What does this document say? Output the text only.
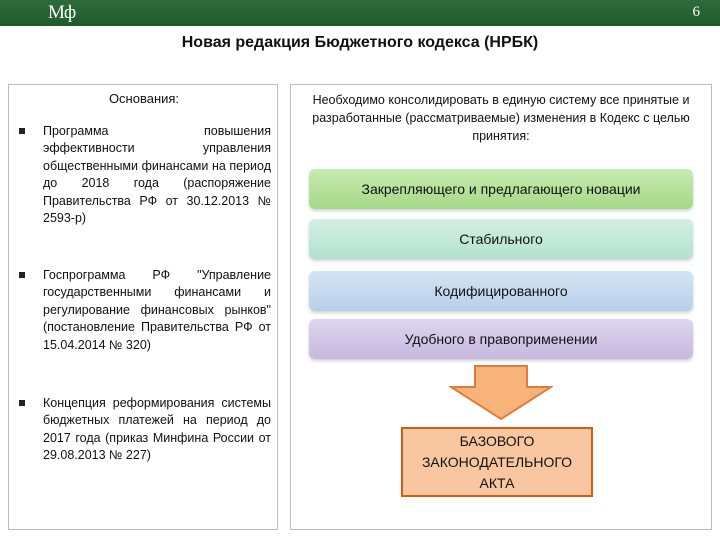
Мф	6
Новая редакция Бюджетного кодекса (НРБК)
Основания:
Программа повышения эффективности управления общественными финансами на период до 2018 года (распоряжение Правительства РФ от 30.12.2013 № 2593-р)
Госпрограмма РФ "Управление государственными финансами и регулирование финансовых рынков" (постановление Правительства РФ от 15.04.2014 № 320)
Концепция реформирования системы бюджетных платежей на период до 2017 года (приказ Минфина России от 29.08.2013 № 227)
Необходимо консолидировать в единую систему все принятые и разработанные (рассматриваемые) изменения в Кодекс с целью принятия:
Закрепляющего и предлагающего новации
Стабильного
Кодифицированного
Удобного в правоприменении
БАЗОВОГО
ЗАКОНОДАТЕЛЬНОГО
АКТА
